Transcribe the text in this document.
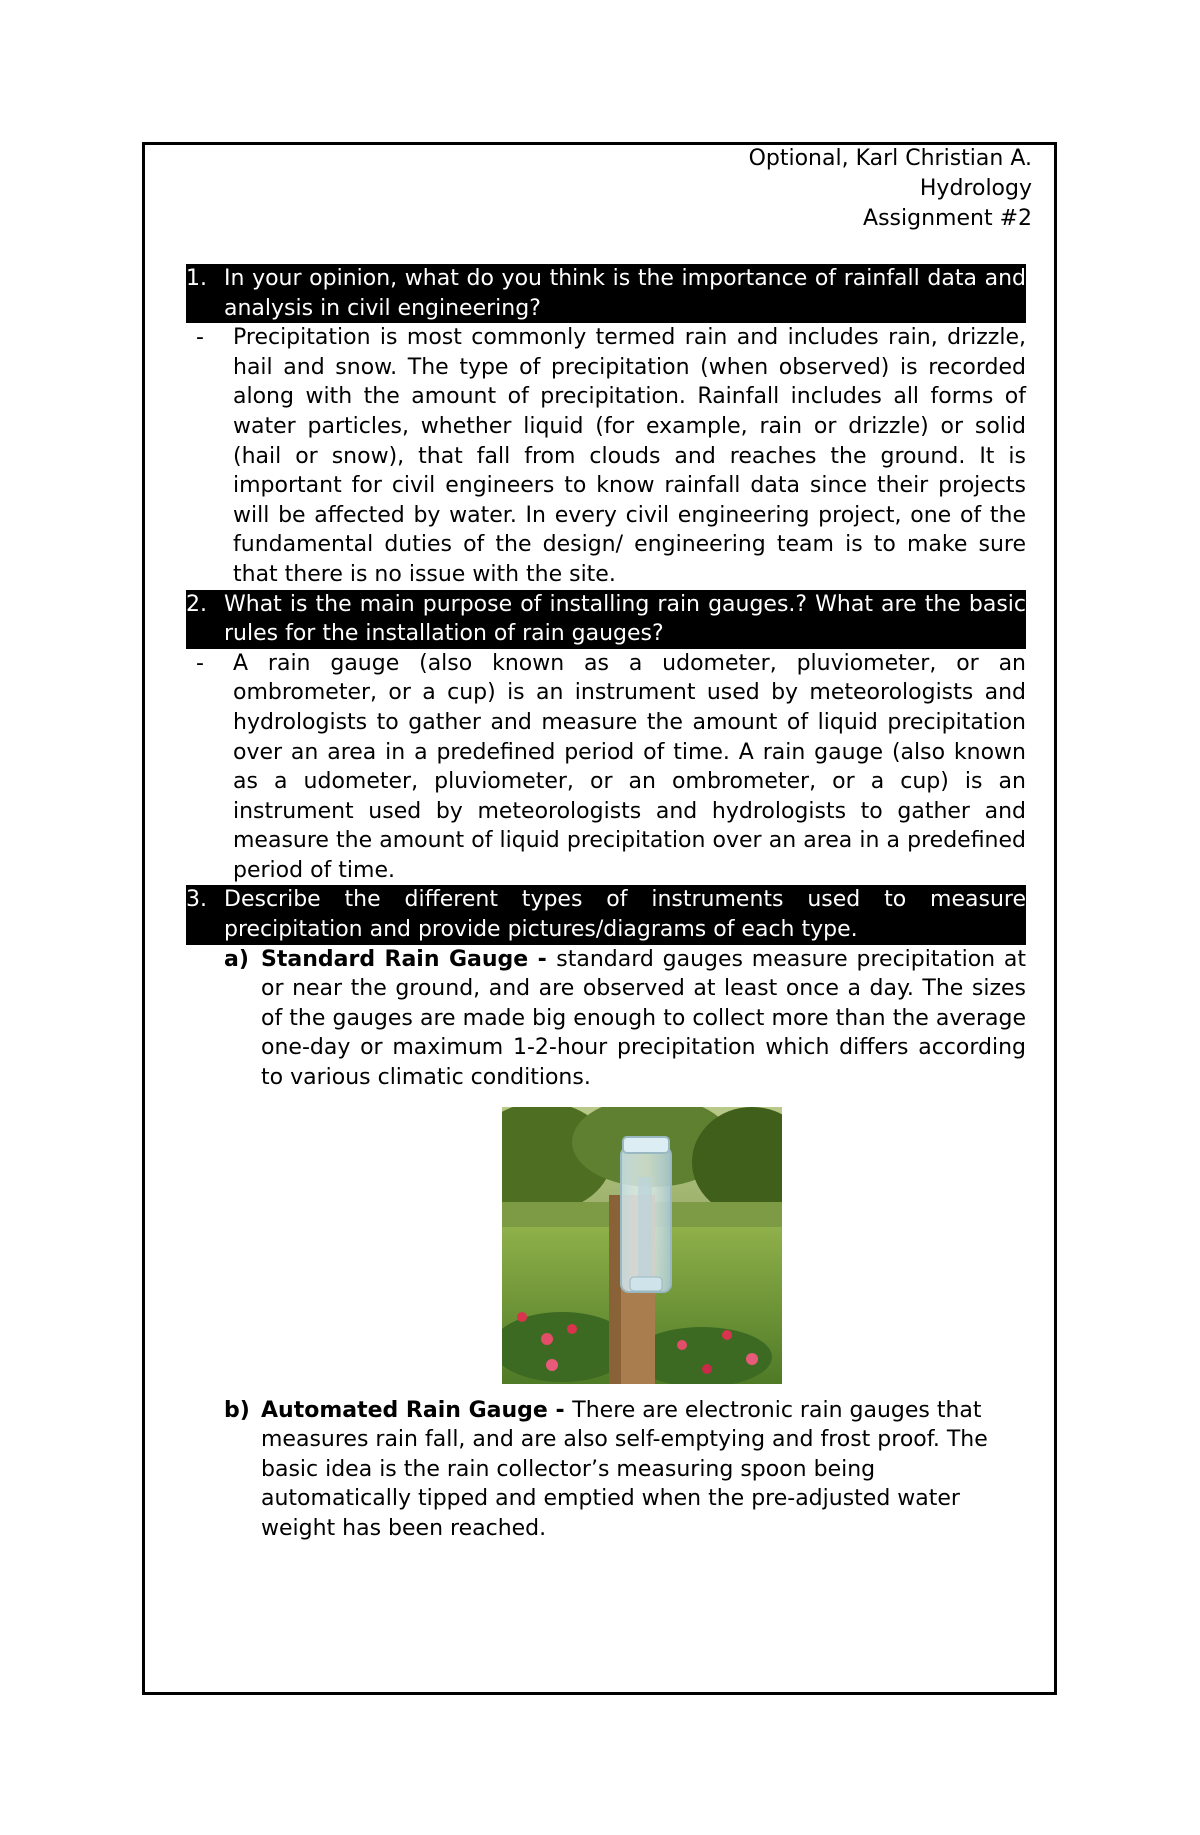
Optional, Karl Christian A.
Hydrology
Assignment #2
1. In your opinion, what do you think is the importance of rainfall data and analysis in civil engineering?
-	Precipitation is most commonly termed rain and includes rain, drizzle, hail and snow. The type of precipitation (when observed) is recorded along with the amount of precipitation. Rainfall includes all forms of water particles, whether liquid (for example, rain or drizzle) or solid (hail or snow), that fall from clouds and reaches the ground. It is important for civil engineers to know rainfall data since their projects will be affected by water. In every civil engineering project, one of the fundamental duties of the design/ engineering team is to make sure that there is no issue with the site.
2. What is the main purpose of installing rain gauges.? What are the basic rules for the installation of rain gauges?
-	A rain gauge (also known as a udometer, pluviometer, or an ombrometer, or a cup) is an instrument used by meteorologists and hydrologists to gather and measure the amount of liquid precipitation over an area in a predefined period of time. A rain gauge (also known as a udometer, pluviometer, or an ombrometer, or a cup) is an instrument used by meteorologists and hydrologists to gather and measure the amount of liquid precipitation over an area in a predefined period of time.
3. Describe the different types of instruments used to measure precipitation and provide pictures/diagrams of each type.
a) Standard Rain Gauge - standard gauges measure precipitation at or near the ground, and are observed at least once a day. The sizes of the gauges are made big enough to collect more than the average one-day or maximum 1-2-hour precipitation which differs according to various climatic conditions.
b) Automated Rain Gauge - There are electronic rain gauges that measures rain fall, and are also self-emptying and frost proof. The basic idea is the rain collector’s measuring spoon being automatically tipped and emptied when the pre-adjusted water weight has been reached.
